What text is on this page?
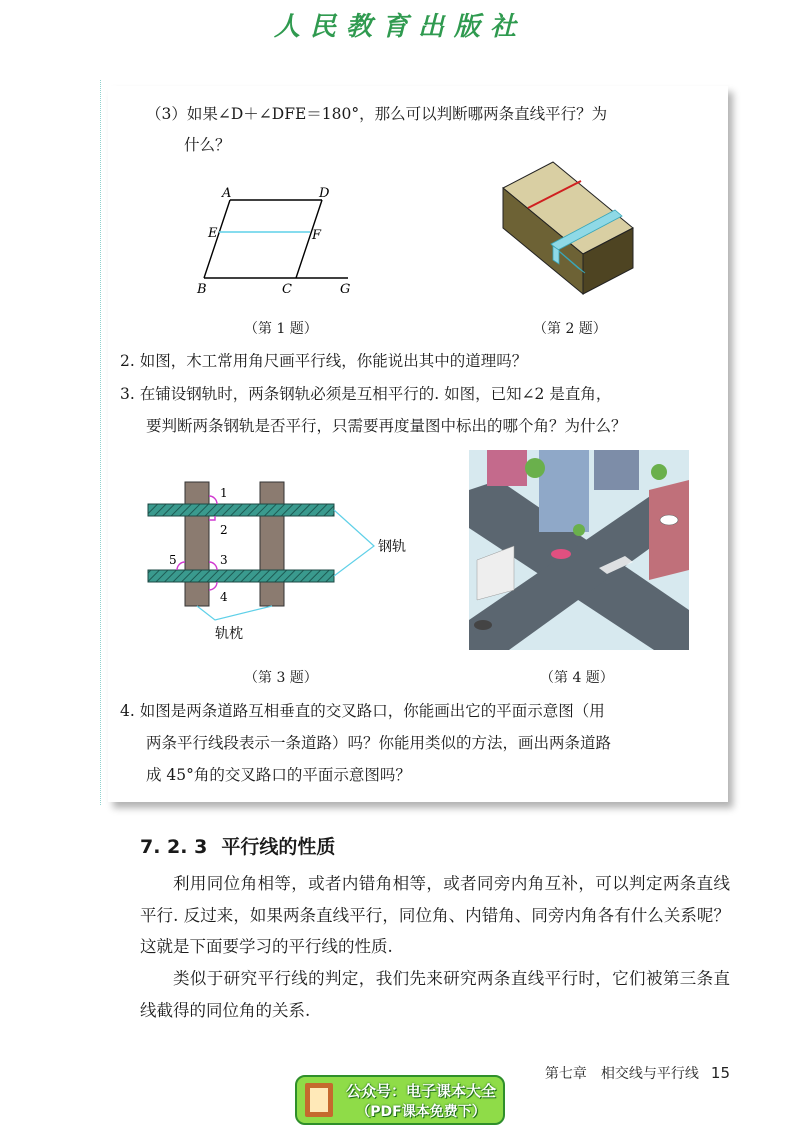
人民教育出版社
（3）如果∠D＋∠DFE＝180°，那么可以判断哪两条直线平行？为
什么？
A	D
E	F
B	C	G
（第 1 题）	（第 2 题）
2. 如图，木工常用角尺画平行线，你能说出其中的道理吗？
3. 在铺设钢轨时，两条钢轨必须是互相平行的. 如图，已知∠2 是直角，
要判断两条钢轨是否平行，只需要再度量图中标出的哪个角？为什么？
1
2
3
4
5
钢轨
轨枕
（第 3 题）	（第 4 题）
4. 如图是两条道路互相垂直的交叉路口，你能画出它的平面示意图（用
两条平行线段表示一条道路）吗？你能用类似的方法，画出两条道路
成 45°角的交叉路口的平面示意图吗？
7. 2. 3 平行线的性质
利用同位角相等，或者内错角相等，或者同旁内角互补，可以判定两条直线平行. 反过来，如果两条直线平行，同位角、内错角、同旁内角各有什么关系呢？这就是下面要学习的平行线的性质.
类似于研究平行线的判定，我们先来研究两条直线平行时，它们被第三条直线截得的同位角的关系.
第七章　相交线与平行线 15
公众号：电子课本大全
（PDF课本免费下）
